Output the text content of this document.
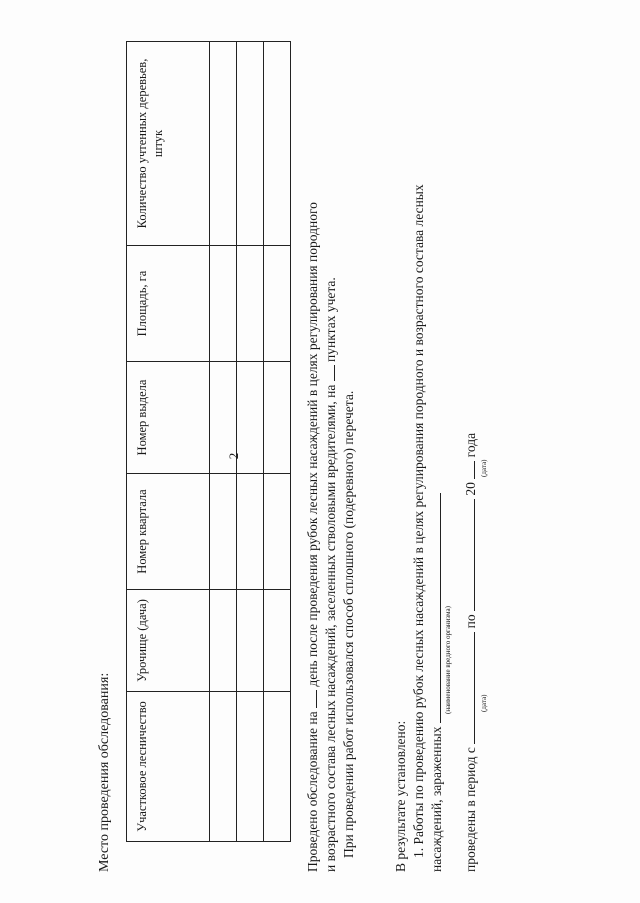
2
Место проведения обследования: Участковое лесничество	Урочище (дача)	Номер квартала	Номер выдела	Площадь, га	Количество учтенных деревьев, штук

Проведено обследование на  день после проведения рубок лесных насаждений в целях регулирования породного и возрастного состава лесных насаждений, заселенных стволовыми вредителями, на  пунктах учета.
При проведении работ использовался способ сплошного (подеревного) перечета.	В результате установлено: 1. Работы по проведению рубок лесных насаждений в целях регулирования породного и возрастного состава лесных насаждений, зараженных
(наименование вредного организма)
проведены в период с  по  20  года
(дата)
(дата)
